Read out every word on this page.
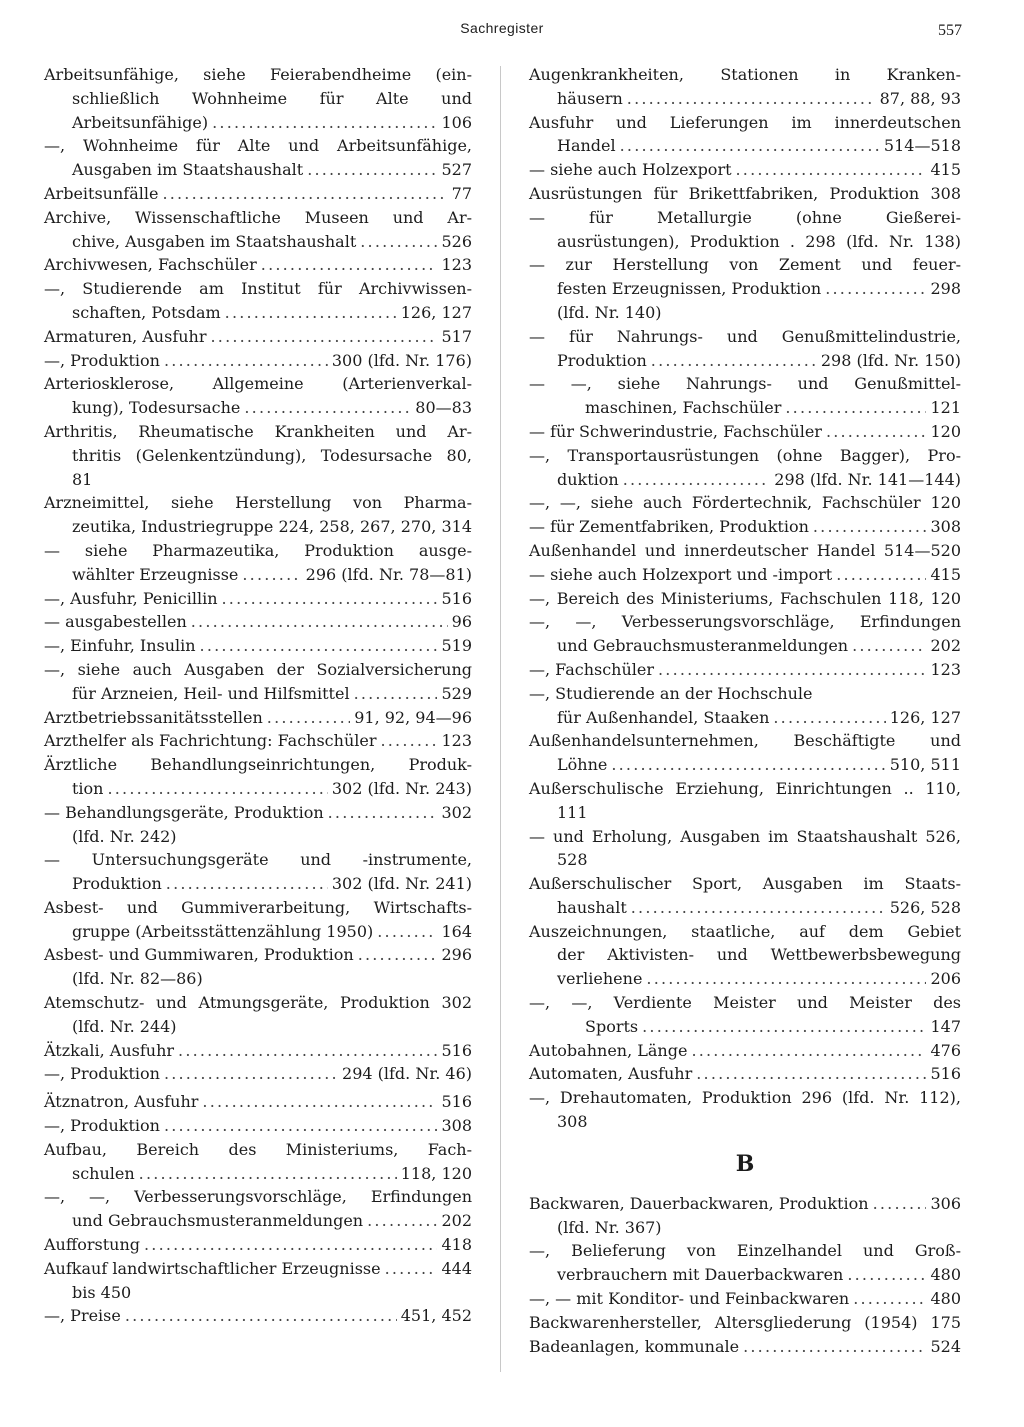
Sachregister	557
Arbeitsunfähige, siehe Feierabendheime (ein-
schließlich Wohnheime für Alte und
Arbeitsunfähige) .....	106
—, Wohnheime für Alte und Arbeitsunfähige,
Ausgaben im Staatshaushalt .....	527
Arbeitsunfälle .....	77
Archive, Wissenschaftliche Museen und Ar-
chive, Ausgaben im Staatshaushalt .....	526
Archivwesen, Fachschüler .....	123
—, Studierende am Institut für Archivwissen-
schaften, Potsdam .....	126, 127
Armaturen, Ausfuhr .....	517
—, Produktion .....	300 (lfd. Nr. 176)
Arteriosklerose, Allgemeine (Arterienverkal-
kung), Todesursache .....	80—83
Arthritis, Rheumatische Krankheiten und Ar-
thritis (Gelenkentzündung), Todesursache 80,
81
Arzneimittel, siehe Herstellung von Pharma-
zeutika, Industriegruppe 224, 258, 267, 270, 314
— siehe Pharmazeutika, Produktion ausge-
wählter Erzeugnisse .....	296 (lfd. Nr. 78—81)
—, Ausfuhr, Penicillin .....	516
— ausgabestellen .....	96
—, Einfuhr, Insulin .....	519
—, siehe auch Ausgaben der Sozialversicherung
für Arzneien, Heil- und Hilfsmittel .....	529
Arztbetriebssanitätsstellen .....	91, 92, 94—96
Arzthelfer als Fachrichtung: Fachschüler .....	123
Ärztliche Behandlungseinrichtungen, Produk-
tion .....	302 (lfd. Nr. 243)
— Behandlungsgeräte, Produktion .....	302
(lfd. Nr. 242)
— Untersuchungsgeräte und -instrumente,
Produktion .....	302 (lfd. Nr. 241)
Asbest- und Gummiverarbeitung, Wirtschafts-
gruppe (Arbeitsstättenzählung 1950) .....	164
Asbest- und Gummiwaren, Produktion .....	296
(lfd. Nr. 82—86)
Atemschutz- und Atmungsgeräte, Produktion 302
(lfd. Nr. 244)
Ätzkali, Ausfuhr .....	516
—, Produktion .....	294 (lfd. Nr. 46)
Ätznatron, Ausfuhr .....	516
—, Produktion .....	308
Aufbau, Bereich des Ministeriums, Fach-
schulen .....	118, 120
—, —, Verbesserungsvorschläge, Erfindungen
und Gebrauchsmusteranmeldungen .....	202
Aufforstung .....	418
Aufkauf landwirtschaftlicher Erzeugnisse .....	444
bis 450
—, Preise .....	451, 452
Augenkrankheiten, Stationen in Kranken-
häusern .....	87, 88, 93
Ausfuhr und Lieferungen im innerdeutschen
Handel .....	514—518
— siehe auch Holzexport .....	415
Ausrüstungen für Brikettfabriken, Produktion 308
— für Metallurgie (ohne Gießerei-
ausrüstungen), Produktion . 298 (lfd. Nr. 138)
— zur Herstellung von Zement und feuer-
festen Erzeugnissen, Produktion .....	298
(lfd. Nr. 140)
— für Nahrungs- und Genußmittelindustrie,
Produktion .....	298 (lfd. Nr. 150)
— —, siehe Nahrungs- und Genußmittel-
maschinen, Fachschüler .....	121
— für Schwerindustrie, Fachschüler .....	120
—, Transportausrüstungen (ohne Bagger), Pro-
duktion .....	298 (lfd. Nr. 141—144)
—, —, siehe auch Fördertechnik, Fachschüler 120
— für Zementfabriken, Produktion .....	308
Außenhandel und innerdeutscher Handel 514—520
— siehe auch Holzexport und -import .....	415
—, Bereich des Ministeriums, Fachschulen 118, 120
—, —, Verbesserungsvorschläge, Erfindungen
und Gebrauchsmusteranmeldungen .....	202
—, Fachschüler .....	123
—, Studierende an der Hochschule
für Außenhandel, Staaken .....	126, 127
Außenhandelsunternehmen, Beschäftigte und
Löhne .....	510, 511
Außerschulische Erziehung, Einrichtungen .. 110,
111
— und Erholung, Ausgaben im Staatshaushalt 526,
528
Außerschulischer Sport, Ausgaben im Staats-
haushalt .....	526, 528
Auszeichnungen, staatliche, auf dem Gebiet
der Aktivisten- und Wettbewerbsbewegung
verliehene .....	206
—, —, Verdiente Meister und Meister des
Sports .....	147
Autobahnen, Länge .....	476
Automaten, Ausfuhr .....	516
—, Drehautomaten, Produktion 296 (lfd. Nr. 112),
308
B
Backwaren, Dauerbackwaren, Produktion .....	306
(lfd. Nr. 367)
—, Belieferung von Einzelhandel und Groß-
verbrauchern mit Dauerbackwaren .....	480
—, — mit Konditor- und Feinbackwaren .....	480
Backwarenhersteller, Altersgliederung (1954) 175
Badeanlagen, kommunale .....	524
